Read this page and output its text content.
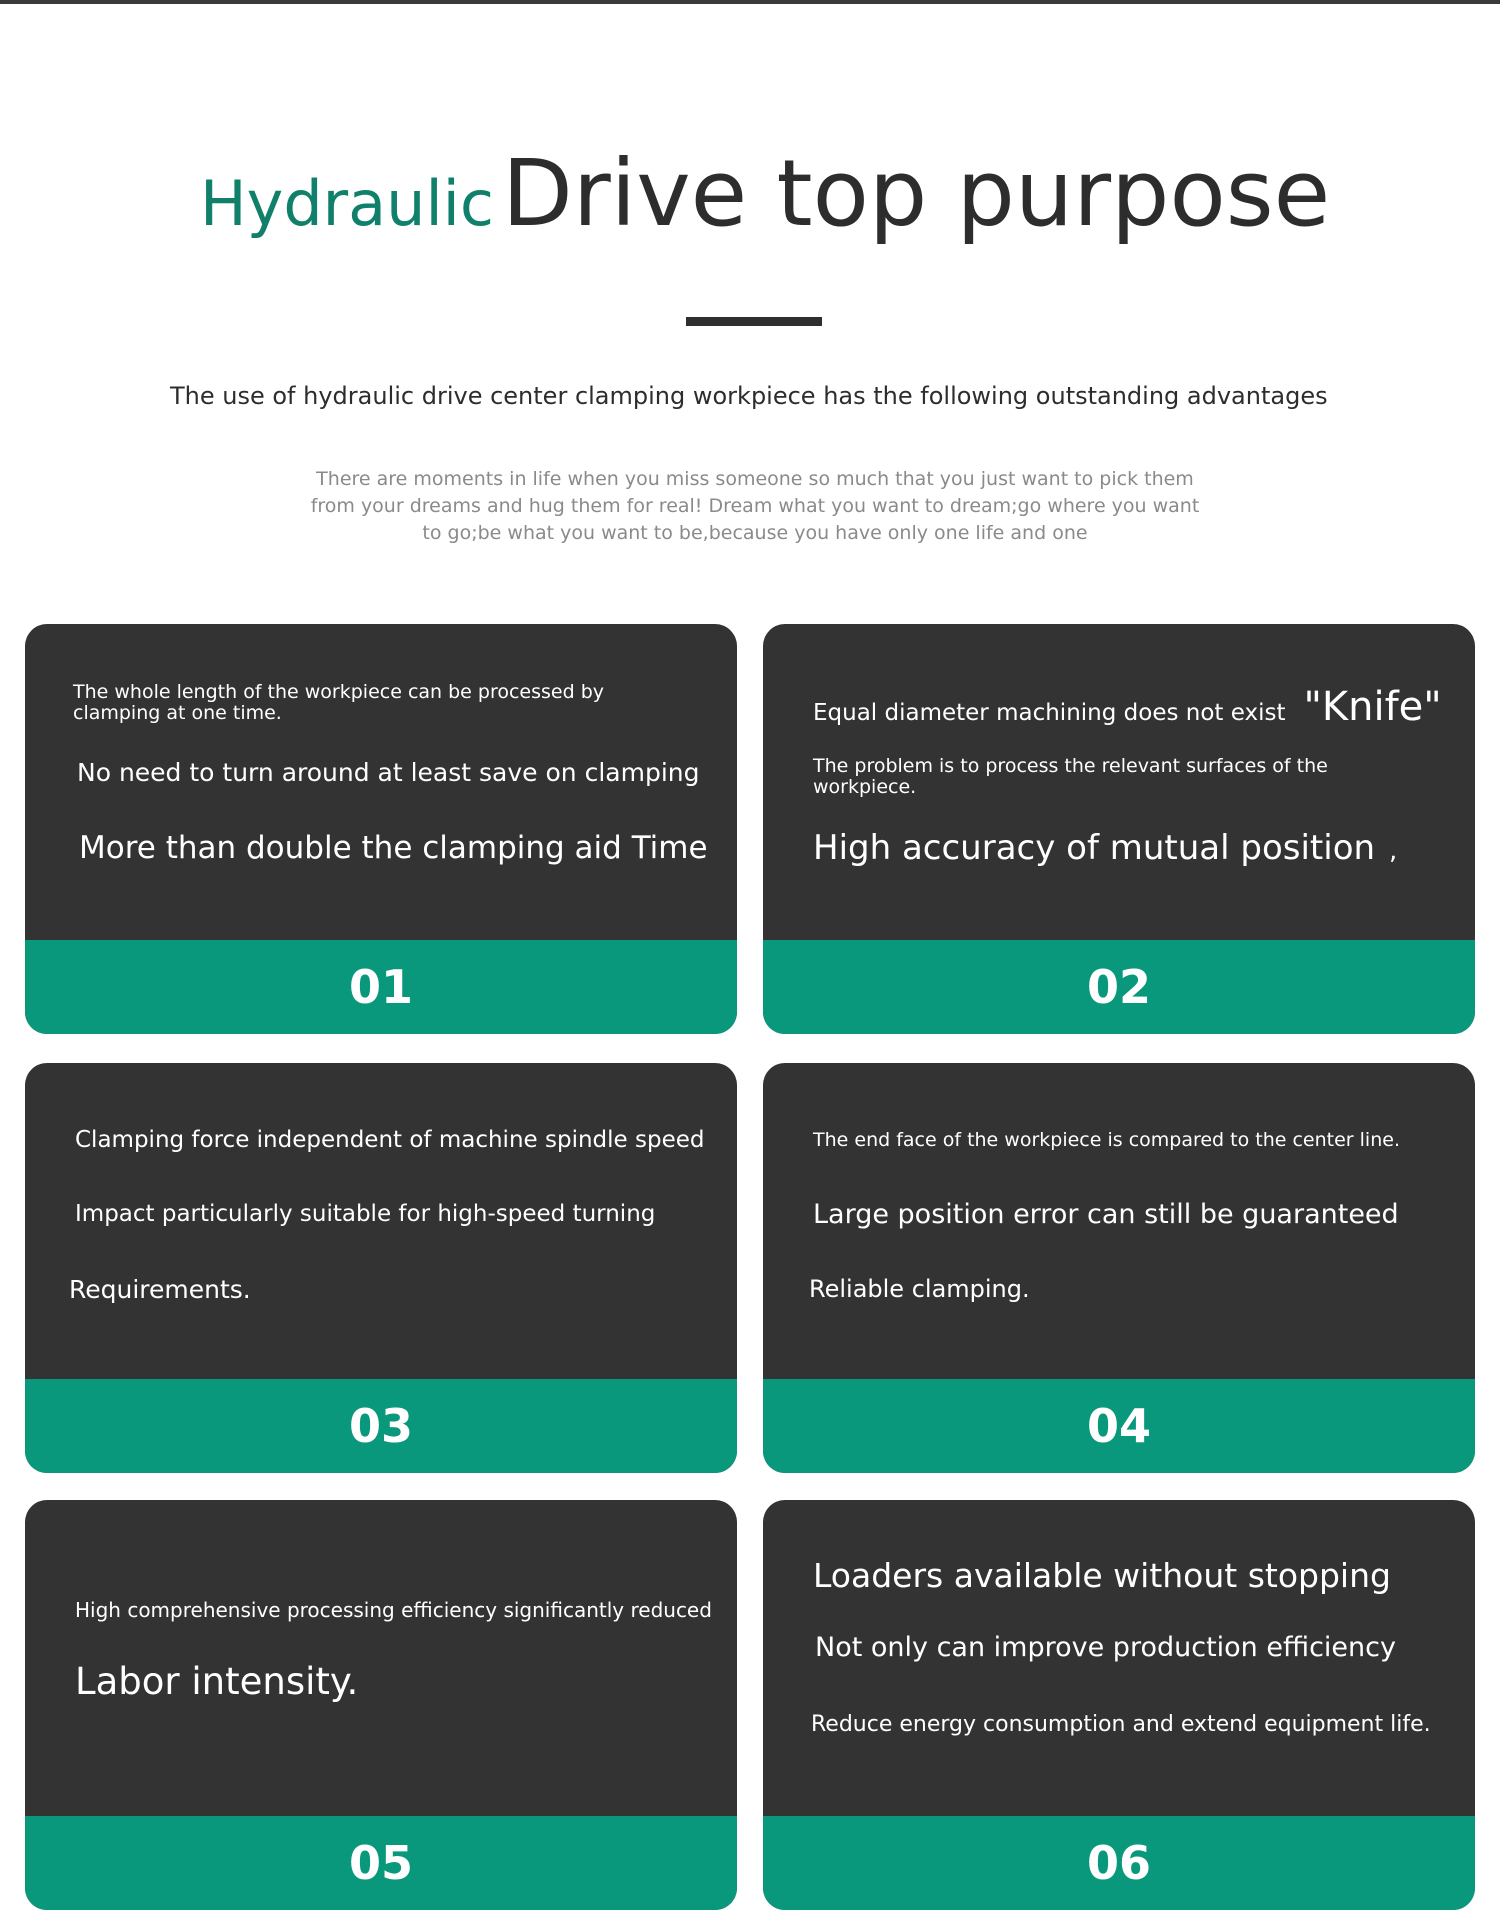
HydraulicDrive top purpose
The use of hydraulic drive center clamping workpiece has the following outstanding advantages
There are moments in life when you miss someone so much that you just want to pick them from your dreams and hug them for real! Dream what you want to dream;go where you want to go;be what you want to be,because you have only one life and one
The whole length of the workpiece can be processed by clamping at one time.
No need to turn around at least save on clamping
More than double the clamping aid Time
01
Equal diameter machining does not exist "Knife"
The problem is to process the relevant surfaces of the workpiece.
High accuracy of mutual position ,
02
Clamping force independent of machine spindle speed
Impact particularly suitable for high-speed turning
Requirements.
03
The end face of the workpiece is compared to the center line.
Large position error can still be guaranteed
Reliable clamping.
04
High comprehensive processing efficiency significantly reduced
Labor intensity.
05
Loaders available without stopping
Not only can improve production efficiency
Reduce energy consumption and extend equipment life.
06
